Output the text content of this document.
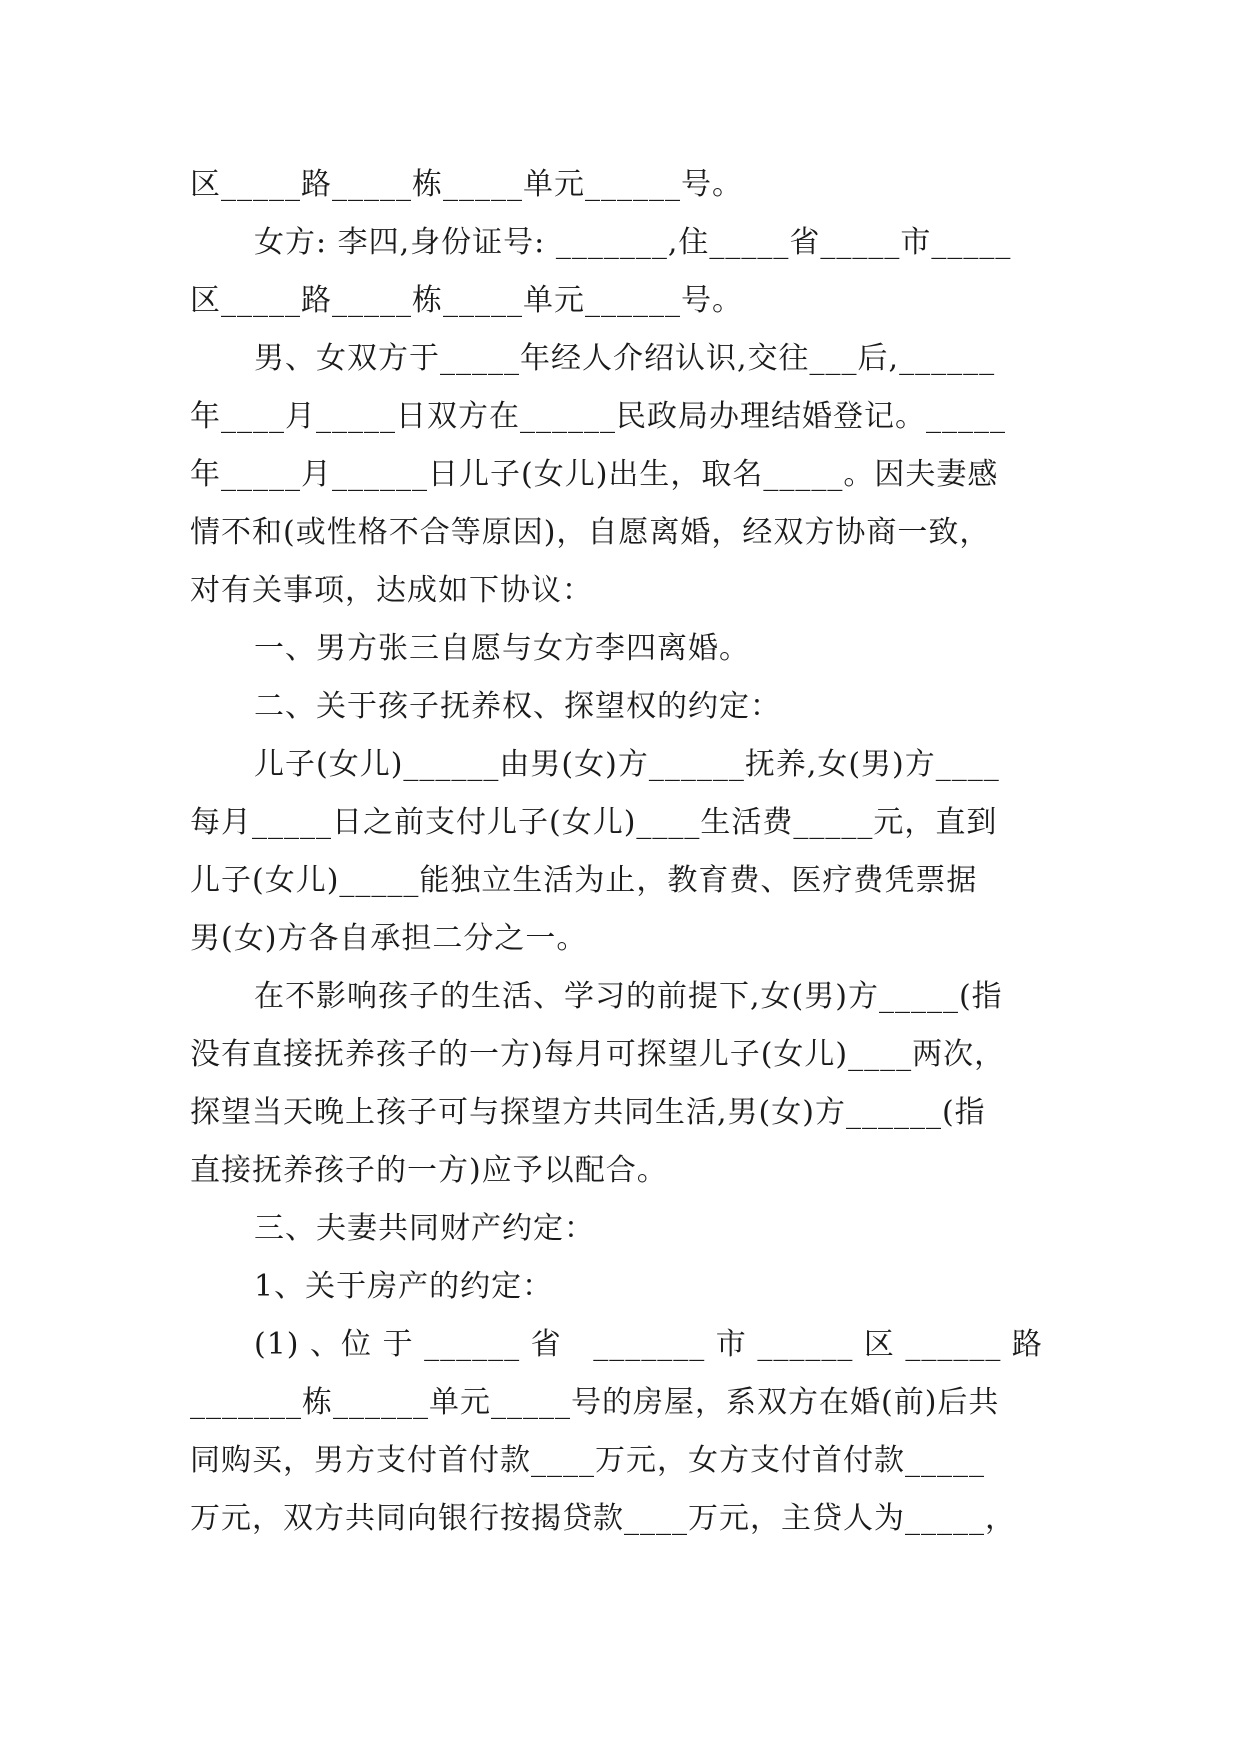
区_____路_____栋_____单元______号。
女方: 李四,身份证号: _______,住_____省_____市_____
区_____路_____栋_____单元______号。
男、女双方于_____年经人介绍认识,交往___后,______
年____月_____日双方在______民政局办理结婚登记。_____
年_____月______日儿子(女儿)出生，取名_____。因夫妻感
情不和(或性格不合等原因)，自愿离婚，经双方协商一致，
对有关事项，达成如下协议：
一、男方张三自愿与女方李四离婚。
二、关于孩子抚养权、探望权的约定：
儿子(女儿)______由男(女)方______抚养,女(男)方____
每月_____日之前支付儿子(女儿)____生活费_____元，直到
儿子(女儿)_____能独立生活为止，教育费、医疗费凭票据
男(女)方各自承担二分之一。
在不影响孩子的生活、学习的前提下,女(男)方_____(指
没有直接抚养孩子的一方)每月可探望儿子(女儿)____两次，
探望当天晚上孩子可与探望方共同生活,男(女)方______(指
直接抚养孩子的一方)应予以配合。
三、夫妻共同财产约定：
1、关于房产的约定：
(1) 、位 于 ______ 省   _______ 市 ______ 区 ______ 路
_______栋______单元_____号的房屋，系双方在婚(前)后共
同购买，男方支付首付款____万元，女方支付首付款_____
万元，双方共同向银行按揭贷款____万元，主贷人为_____，
